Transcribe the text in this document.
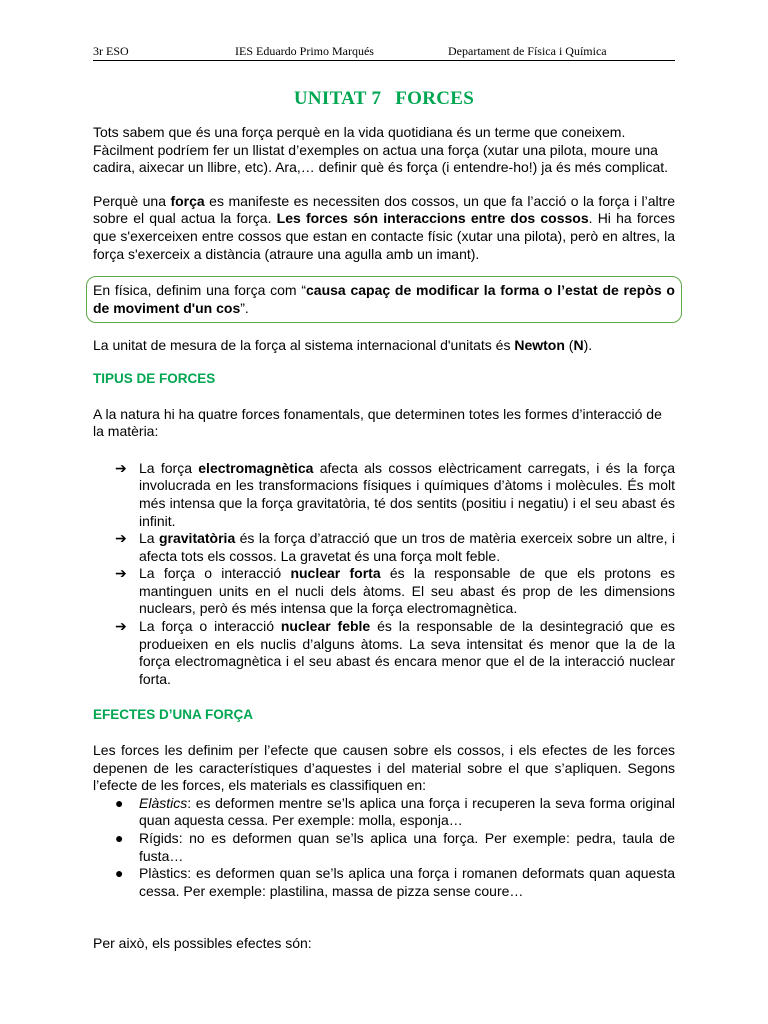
3r ESO	IES Eduardo Primo Marqués	Departament de Física i Química
UNITAT 7 FORCES

Tots sabem que és una força perquè en la vida quotidiana és un terme que coneixem. Fàcilment podríem fer un llistat d’exemples on actua una força (xutar una pilota, moure una cadira, aixecar un llibre, etc). Ara,… definir què és força (i entendre-ho!) ja és més complicat.

Perquè una força es manifeste es necessiten dos cossos, un que fa l’acció o la força i l’altre sobre el qual actua la força. Les forces són interaccions entre dos cossos. Hi ha forces que s'exerceixen entre cossos que estan en contacte físic (xutar una pilota), però en altres, la força s'exerceix a distància (atraure una agulla amb un imant).

En física, definim una força com “causa capaç de modificar la forma o l’estat de repòs o de moviment d'un cos”.

La unitat de mesura de la força al sistema internacional d'unitats és Newton (N).

TIPUS DE FORCES

A la natura hi ha quatre forces fonamentals, que determinen totes les formes d’interacció de la matèria:

➔ La força electromagnètica afecta als cossos elèctricament carregats, i és la força involucrada en les transformacions físiques i químiques d’àtoms i molècules. És molt més intensa que la força gravitatòria, té dos sentits (positiu i negatiu) i el seu abast és infinit.
➔ La gravitatòria és la força d’atracció que un tros de matèria exerceix sobre un altre, i afecta tots els cossos. La gravetat és una força molt feble.
➔ La força o interacció nuclear forta és la responsable de que els protons es mantinguen units en el nucli dels àtoms. El seu abast és prop de les dimensions nuclears, però és més intensa que la força electromagnètica.
➔ La força o interacció nuclear feble és la responsable de la desintegració que es produeixen en els nuclis d’alguns àtoms. La seva intensitat és menor que la de la força electromagnètica i el seu abast és encara menor que el de la interacció nuclear forta.

EFECTES D’UNA FORÇA

Les forces les definim per l’efecte que causen sobre els cossos, i els efectes de les forces depenen de les característiques d’aquestes i del material sobre el que s’apliquen. Segons l’efecte de les forces, els materials es classifiquen en:

● Elàstics: es deformen mentre se’ls aplica una força i recuperen la seva forma original quan aquesta cessa. Per exemple: molla, esponja…
● Rígids: no es deformen quan se’ls aplica una força. Per exemple: pedra, taula de fusta…
● Plàstics: es deformen quan se’ls aplica una força i romanen deformats quan aquesta cessa. Per exemple: plastilina, massa de pizza sense coure…

Per això, els possibles efectes són:
